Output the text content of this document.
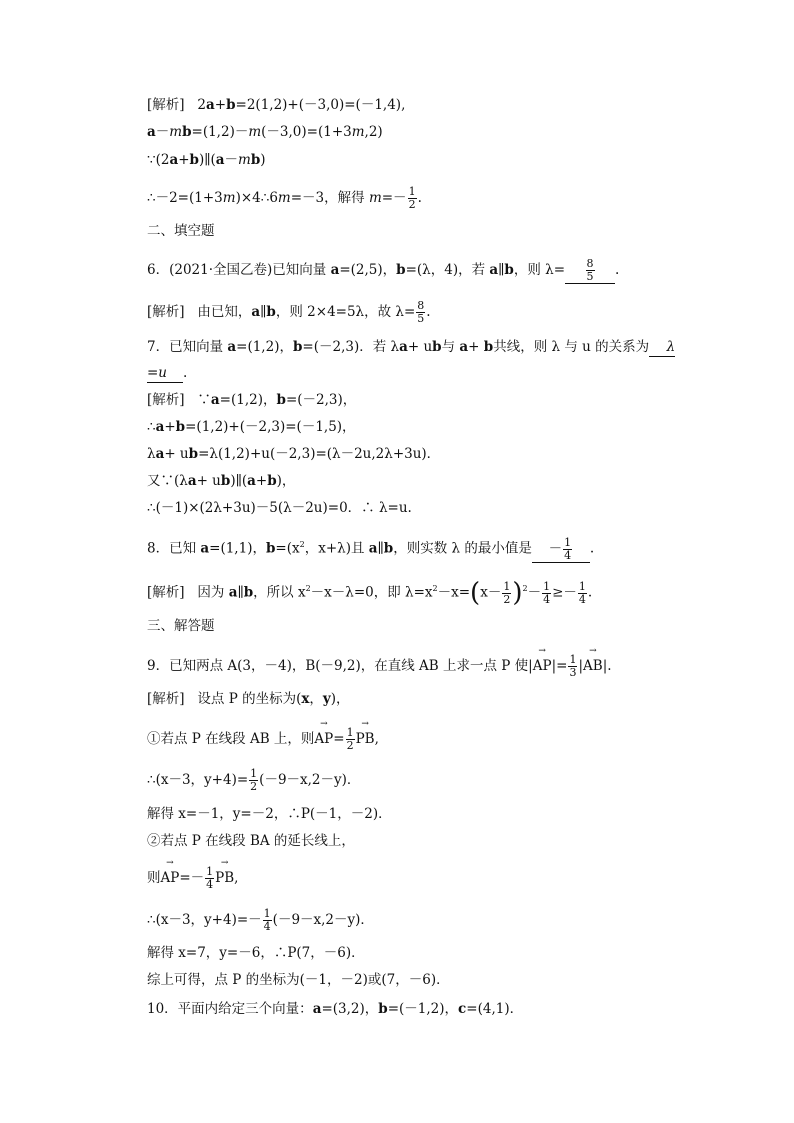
[解析] 2a+b=2(1,2)+(－3,0)=(－1,4),
a－mb=(1,2)－m(－3,0)=(1+3m,2)
∵(2a+b)∥(a－mb)
∴－2=(1+3m)×4∴6m=－3，解得 $m=- \frac{1}{2}$ .
二、填空题
6．(2021·全国乙卷)已知向量 a=(2,5)，b=(λ，4)，若 a∥b，则 $\lambda= \frac{8}{5}$ .
[解析] 由已知，a∥b，则 2×4=5λ，故 $\lambda= \frac{8}{5}$ .
7．已知向量 a=(1,2)，b=(－2,3)．若 λa+ ub与 a+ b共线，则 λ 与 u 的关系为 λ
=u .
[解析] ∵a=(1,2)，b=(－2,3)，
∴a+b=(1,2)+(－2,3)=(－1,5)，
λa+ ub=λ(1,2)+u(－2,3)=(λ－2u,2λ+3u)．
又∵(λa+ ub)∥(a+b)，
∴(－1)×(2λ+3u)－5(λ－2u)=0．∴ λ=u.
8．已知 a=(1,1)，$b=(x^2$，x+λ)且 a∥b，则实数 λ 的最小值是 － $\frac{1}{4}$ .
[解析] 因为 a∥b，所以 $x^2-x-\lambda=0$，即 $\lambda=x^2-x=(x- \frac{1}{2} )^2- \frac{1}{4} \ge- \frac{1}{4}$ .
三、解答题
9．已知两点 A(3，－4)，B(－9,2)，在直线 AB 上求一点 P 使|→ $AP|= \frac{1}{3}$ |→ AB|.
[解析] 设点 P 的坐标为(x，y)，
①若点 P 在线段 AB 上，则→ $AP= \frac{1}{2}$ → PB,
∴(x－3，$y+4)= \frac{1}{2} (-9-x,2-y)$．
解得 x=－1，y=－2，∴P(－1，－2)．
②若点 P 在线段 BA 的延长线上，
则→ $AP=- \frac{1}{4}$ → PB,
∴(x－3，$y+4)=- \frac{1}{4} (-9-x,2-y)$．
解得 x=7，y=－6，∴P(7，－6)．
综上可得，点 P 的坐标为(－1，－2)或(7，－6)．
10．平面内给定三个向量：a=(3,2)，b=(－1,2)，c=(4,1)．
